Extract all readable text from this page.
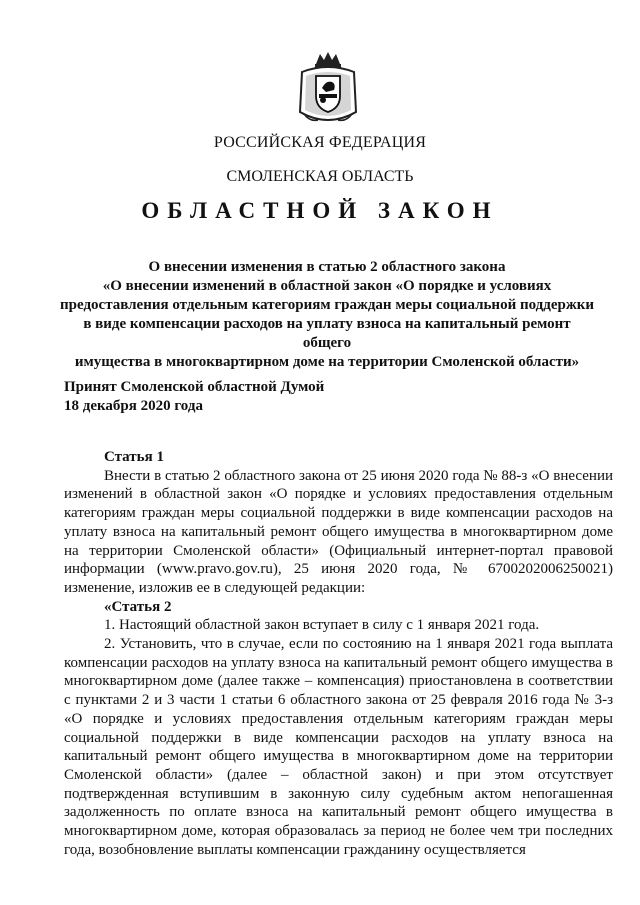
РОССИЙСКАЯ ФЕДЕРАЦИЯ
СМОЛЕНСКАЯ ОБЛАСТЬ
ОБЛАСТНОЙ ЗАКОН
О внесении изменения в статью 2 областного закона
«О внесении изменений в областной закон «О порядке и условиях
предоставления отдельным категориям граждан меры социальной поддержки
в виде компенсации расходов на уплату взноса на капитальный ремонт общего
имущества в многоквартирном доме на территории Смоленской области»
Принят Смоленской областной Думой
18 декабря 2020 года

Статья 1

Внести в статью 2 областного закона от 25 июня 2020 года № 88-з «О внесении изменений в областной закон «О порядке и условиях предоставления отдельным категориям граждан меры социальной поддержки в виде компенсации расходов на уплату взноса на капитальный ремонт общего имущества в многоквартирном доме на территории Смоленской области» (Официальный интернет-портал правовой информации (www.pravo.gov.ru), 25 июня 2020 года, № 6700202006250021) изменение, изложив ее в следующей редакции:

«Статья 2

1. Настоящий областной закон вступает в силу с 1 января 2021 года.

2. Установить, что в случае, если по состоянию на 1 января 2021 года выплата компенсации расходов на уплату взноса на капитальный ремонт общего имущества в многоквартирном доме (далее также – компенсация) приостановлена в соответствии с пунктами 2 и 3 части 1 статьи 6 областного закона от 25 февраля 2016 года № 3-з «О порядке и условиях предоставления отдельным категориям граждан меры социальной поддержки в виде компенсации расходов на уплату взноса на капитальный ремонт общего имущества в многоквартирном доме на территории Смоленской области» (далее – областной закон) и при этом отсутствует подтвержденная вступившим в законную силу судебным актом непогашенная задолженность по оплате взноса на капитальный ремонт общего имущества в многоквартирном доме, которая образовалась за период не более чем три последних года, возобновление выплаты компенсации гражданину осуществляется
